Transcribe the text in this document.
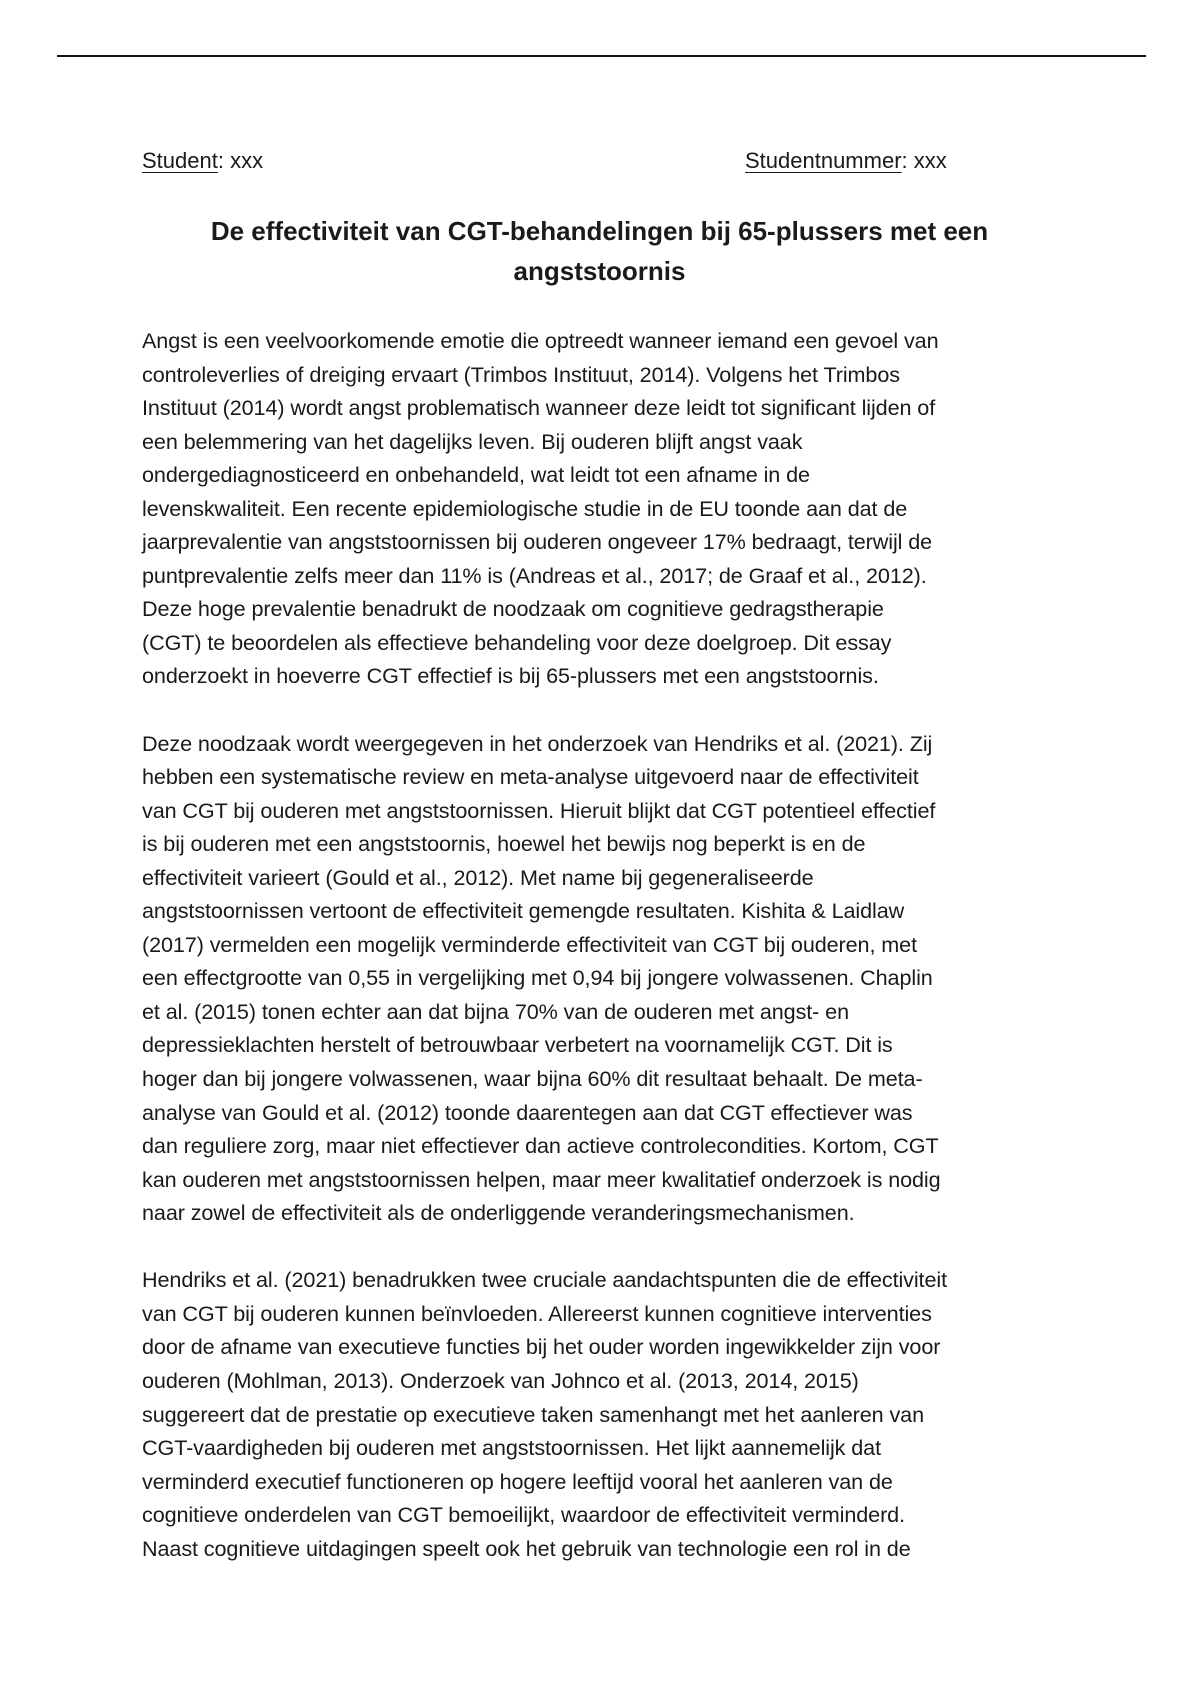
Student: xxx	Studentnummer: xxx
De effectiviteit van CGT-behandelingen bij 65-plussers met een
angststoornis

Angst is een veelvoorkomende emotie die optreedt wanneer iemand een gevoel van
controleverlies of dreiging ervaart (Trimbos Instituut, 2014). Volgens het Trimbos
Instituut (2014) wordt angst problematisch wanneer deze leidt tot significant lijden of
een belemmering van het dagelijks leven. Bij ouderen blijft angst vaak
ondergediagnosticeerd en onbehandeld, wat leidt tot een afname in de
levenskwaliteit. Een recente epidemiologische studie in de EU toonde aan dat de
jaarprevalentie van angststoornissen bij ouderen ongeveer 17% bedraagt, terwijl de
puntprevalentie zelfs meer dan 11% is (Andreas et al., 2017; de Graaf et al., 2012).
Deze hoge prevalentie benadrukt de noodzaak om cognitieve gedragstherapie
(CGT) te beoordelen als effectieve behandeling voor deze doelgroep. Dit essay
onderzoekt in hoeverre CGT effectief is bij 65-plussers met een angststoornis.

Deze noodzaak wordt weergegeven in het onderzoek van Hendriks et al. (2021). Zij
hebben een systematische review en meta-analyse uitgevoerd naar de effectiviteit
van CGT bij ouderen met angststoornissen. Hieruit blijkt dat CGT potentieel effectief
is bij ouderen met een angststoornis, hoewel het bewijs nog beperkt is en de
effectiviteit varieert (Gould et al., 2012). Met name bij gegeneraliseerde
angststoornissen vertoont de effectiviteit gemengde resultaten. Kishita & Laidlaw
(2017) vermelden een mogelijk verminderde effectiviteit van CGT bij ouderen, met
een effectgrootte van 0,55 in vergelijking met 0,94 bij jongere volwassenen. Chaplin
et al. (2015) tonen echter aan dat bijna 70% van de ouderen met angst- en
depressieklachten herstelt of betrouwbaar verbetert na voornamelijk CGT. Dit is
hoger dan bij jongere volwassenen, waar bijna 60% dit resultaat behaalt. De meta-
analyse van Gould et al. (2012) toonde daarentegen aan dat CGT effectiever was
dan reguliere zorg, maar niet effectiever dan actieve controlecondities. Kortom, CGT
kan ouderen met angststoornissen helpen, maar meer kwalitatief onderzoek is nodig
naar zowel de effectiviteit als de onderliggende veranderingsmechanismen.

Hendriks et al. (2021) benadrukken twee cruciale aandachtspunten die de effectiviteit
van CGT bij ouderen kunnen beïnvloeden. Allereerst kunnen cognitieve interventies
door de afname van executieve functies bij het ouder worden ingewikkelder zijn voor
ouderen (Mohlman, 2013). Onderzoek van Johnco et al. (2013, 2014, 2015)
suggereert dat de prestatie op executieve taken samenhangt met het aanleren van
CGT-vaardigheden bij ouderen met angststoornissen. Het lijkt aannemelijk dat
verminderd executief functioneren op hogere leeftijd vooral het aanleren van de
cognitieve onderdelen van CGT bemoeilijkt, waardoor de effectiviteit verminderd.
Naast cognitieve uitdagingen speelt ook het gebruik van technologie een rol in de
